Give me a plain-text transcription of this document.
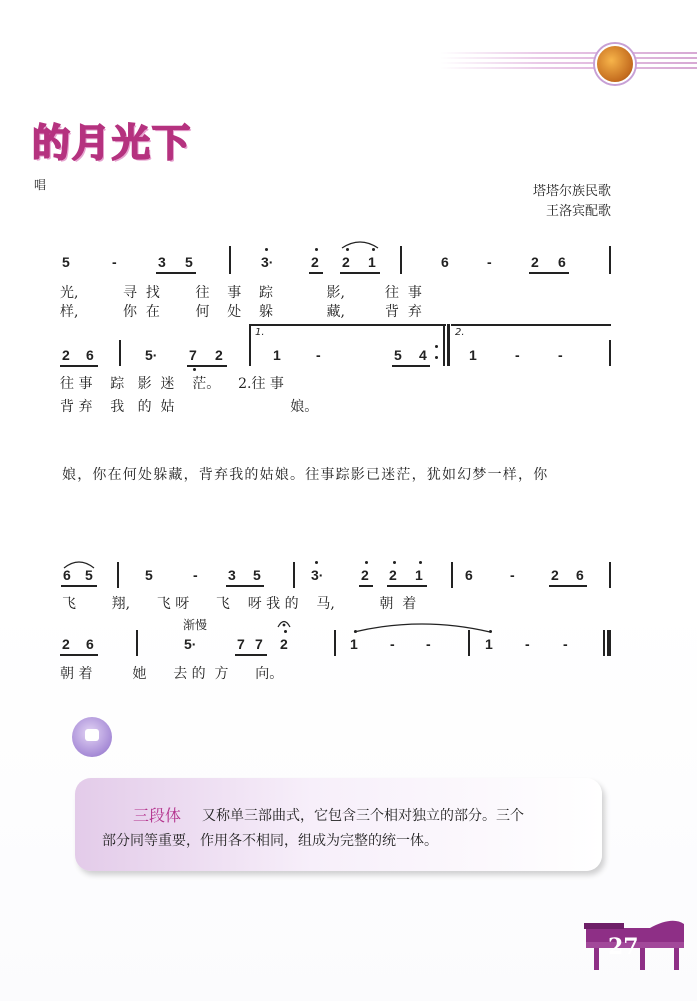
的月光下
唱	塔塔尔族民歌
王洛宾配歌
5	-	3 5	3·	2 2 1	6	-	2 6
光,          寻  找        往    事    踪            影,         往  事
样,          你  在        何    处    躲            藏,         背  弃
2 6	5· 7 2
1.
1	-	5 4
2.
1	-	-
往 事    踪   影  迷    茫。    2.往 事
背 弃    我   的  姑                          娘。
娘，你在何处躲藏，背弃我的姑娘。往事踪影已迷茫，犹如幻梦一样，你
6 5	5	- 3 5	3·	2 2 1	6	-	2 6
飞        翔,      飞 呀      飞    呀 我 的    马,          朝  着
渐慢
2 6	5·	7 7 2	1 - -	1 - -
朝 着         她      去 的  方      向。
三段体 又称单三部曲式，它包含三个相对独立的部分。三个
部分同等重要，作用各不相同，组成为完整的统一体。
27
